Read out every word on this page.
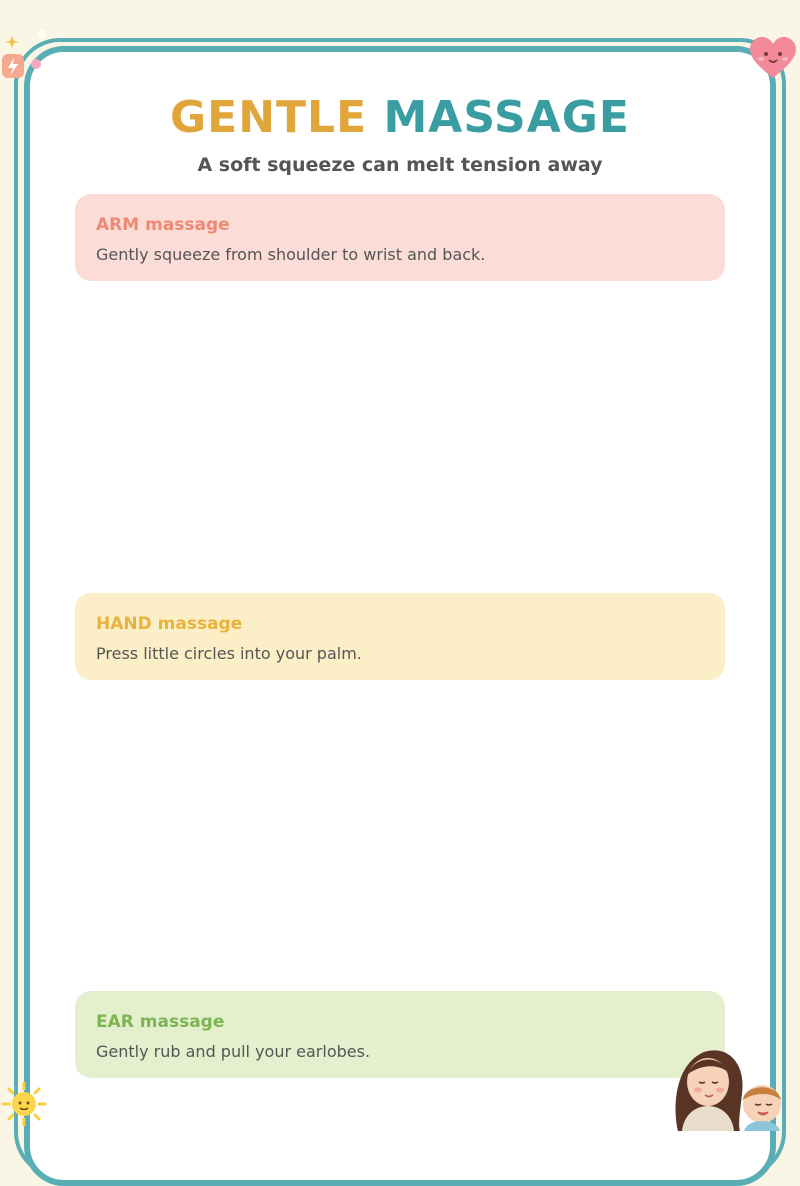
GENTLE MASSAGE
A soft squeeze can melt tension away
ARM massage
Gently squeeze from shoulder to wrist and back.
HAND massage
Press little circles into your palm.
EAR massage
Gently rub and pull your earlobes.
